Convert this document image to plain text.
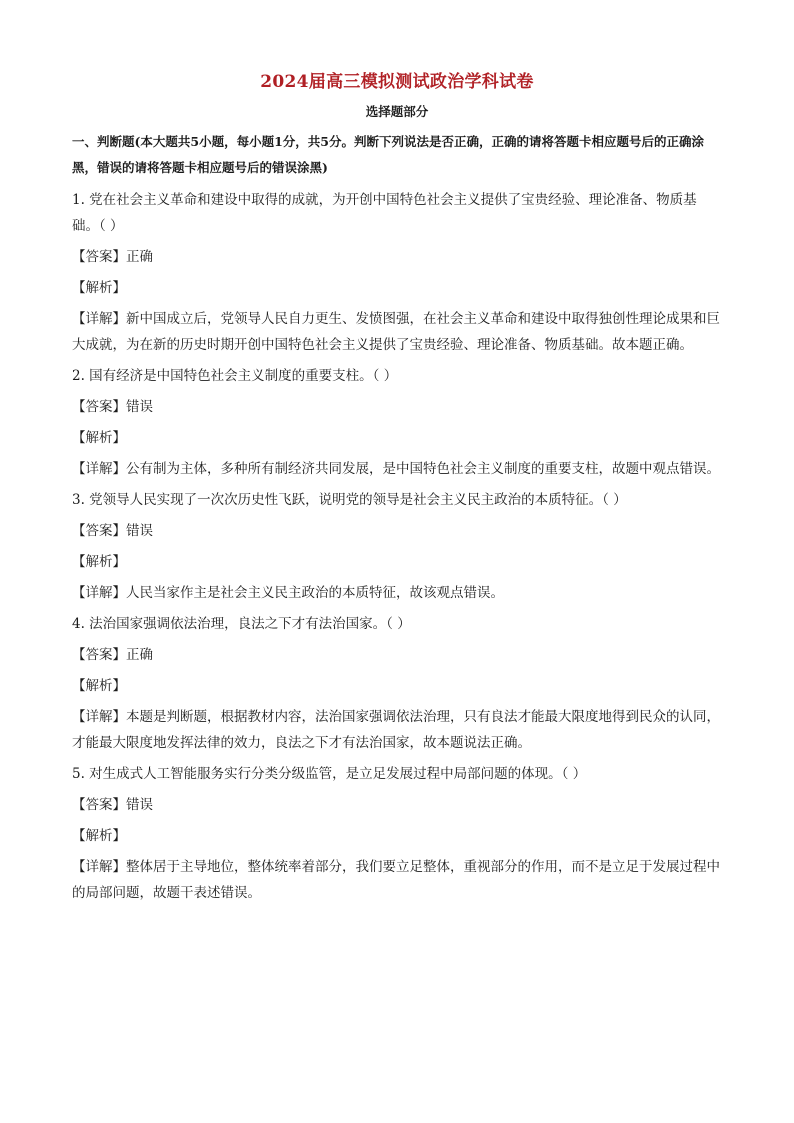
2024届高三模拟测试政治学科试卷
选择题部分
一、判断题(本大题共5小题，每小题1分，共5分。判断下列说法是否正确，正确的请将答题卡相应题号后的正确涂黑，错误的请将答题卡相应题号后的错误涂黑)
1. 党在社会主义革命和建设中取得的成就，为开创中国特色社会主义提供了宝贵经验、理论准备、物质基础。（ ）
【答案】正确
【解析】
【详解】新中国成立后，党领导人民自力更生、发愤图强，在社会主义革命和建设中取得独创性理论成果和巨大成就，为在新的历史时期开创中国特色社会主义提供了宝贵经验、理论准备、物质基础。故本题正确。
2. 国有经济是中国特色社会主义制度的重要支柱。（ ）
【答案】错误
【解析】
【详解】公有制为主体，多种所有制经济共同发展，是中国特色社会主义制度的重要支柱，故题中观点错误。
3. 党领导人民实现了一次次历史性飞跃，说明党的领导是社会主义民主政治的本质特征。（ ）
【答案】错误
【解析】
【详解】人民当家作主是社会主义民主政治的本质特征，故该观点错误。
4. 法治国家强调依法治理，良法之下才有法治国家。（ ）
【答案】正确
【解析】
【详解】本题是判断题，根据教材内容，法治国家强调依法治理，只有良法才能最大限度地得到民众的认同，才能最大限度地发挥法律的效力，良法之下才有法治国家，故本题说法正确。
5. 对生成式人工智能服务实行分类分级监管，是立足发展过程中局部问题的体现。（ ）
【答案】错误
【解析】
【详解】整体居于主导地位，整体统率着部分，我们要立足整体，重视部分的作用，而不是立足于发展过程中的局部问题，故题干表述错误。
